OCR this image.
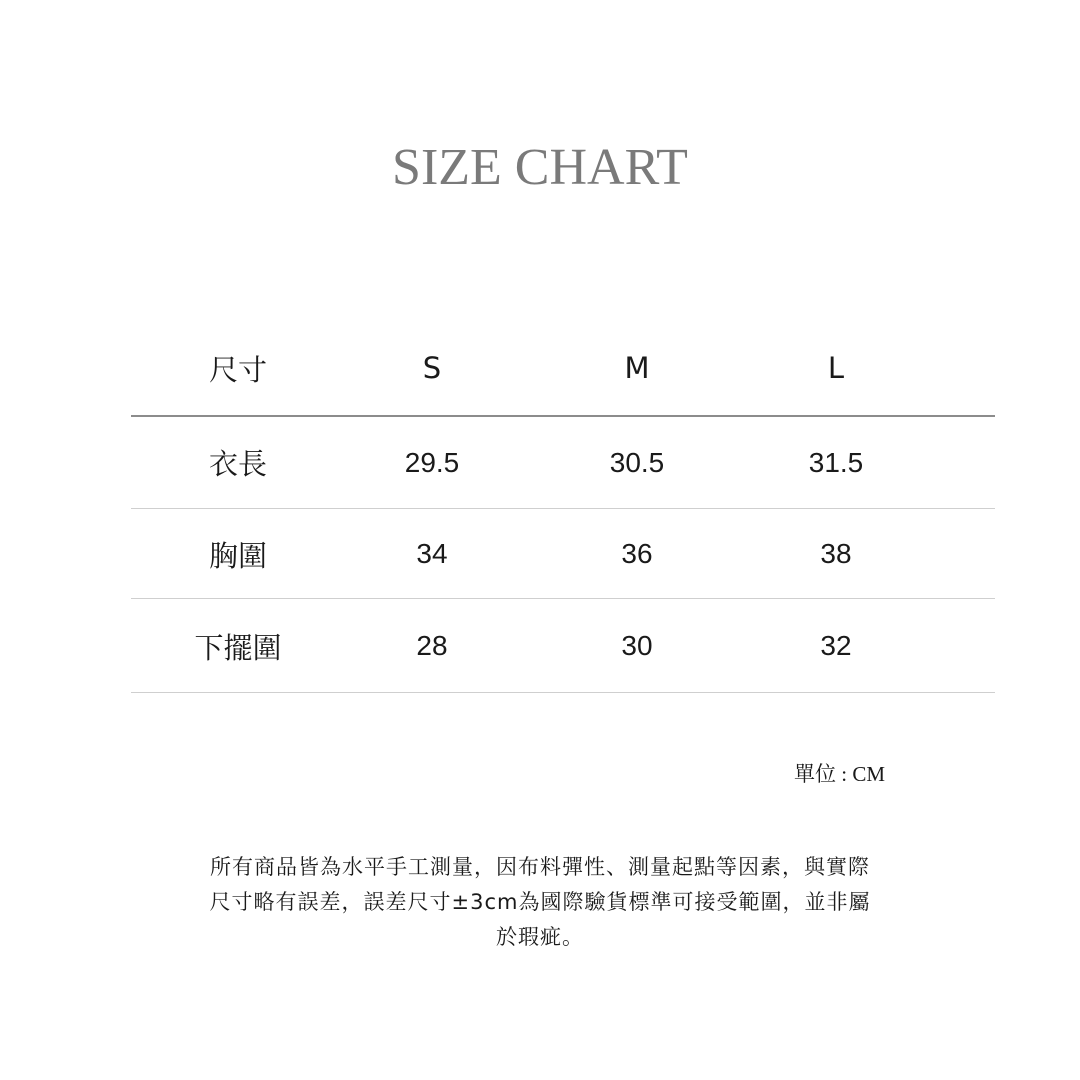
SIZE CHART
尺寸	S	M	L
衣長	29.5	30.5	31.5
胸圍	34	36	38
下擺圍	28	30	32
單位 : CM
所有商品皆為水平手工測量，因布料彈性、測量起點等因素，與實際
尺寸略有誤差，誤差尺寸±3cm為國際驗貨標準可接受範圍，並非屬
於瑕疵。
